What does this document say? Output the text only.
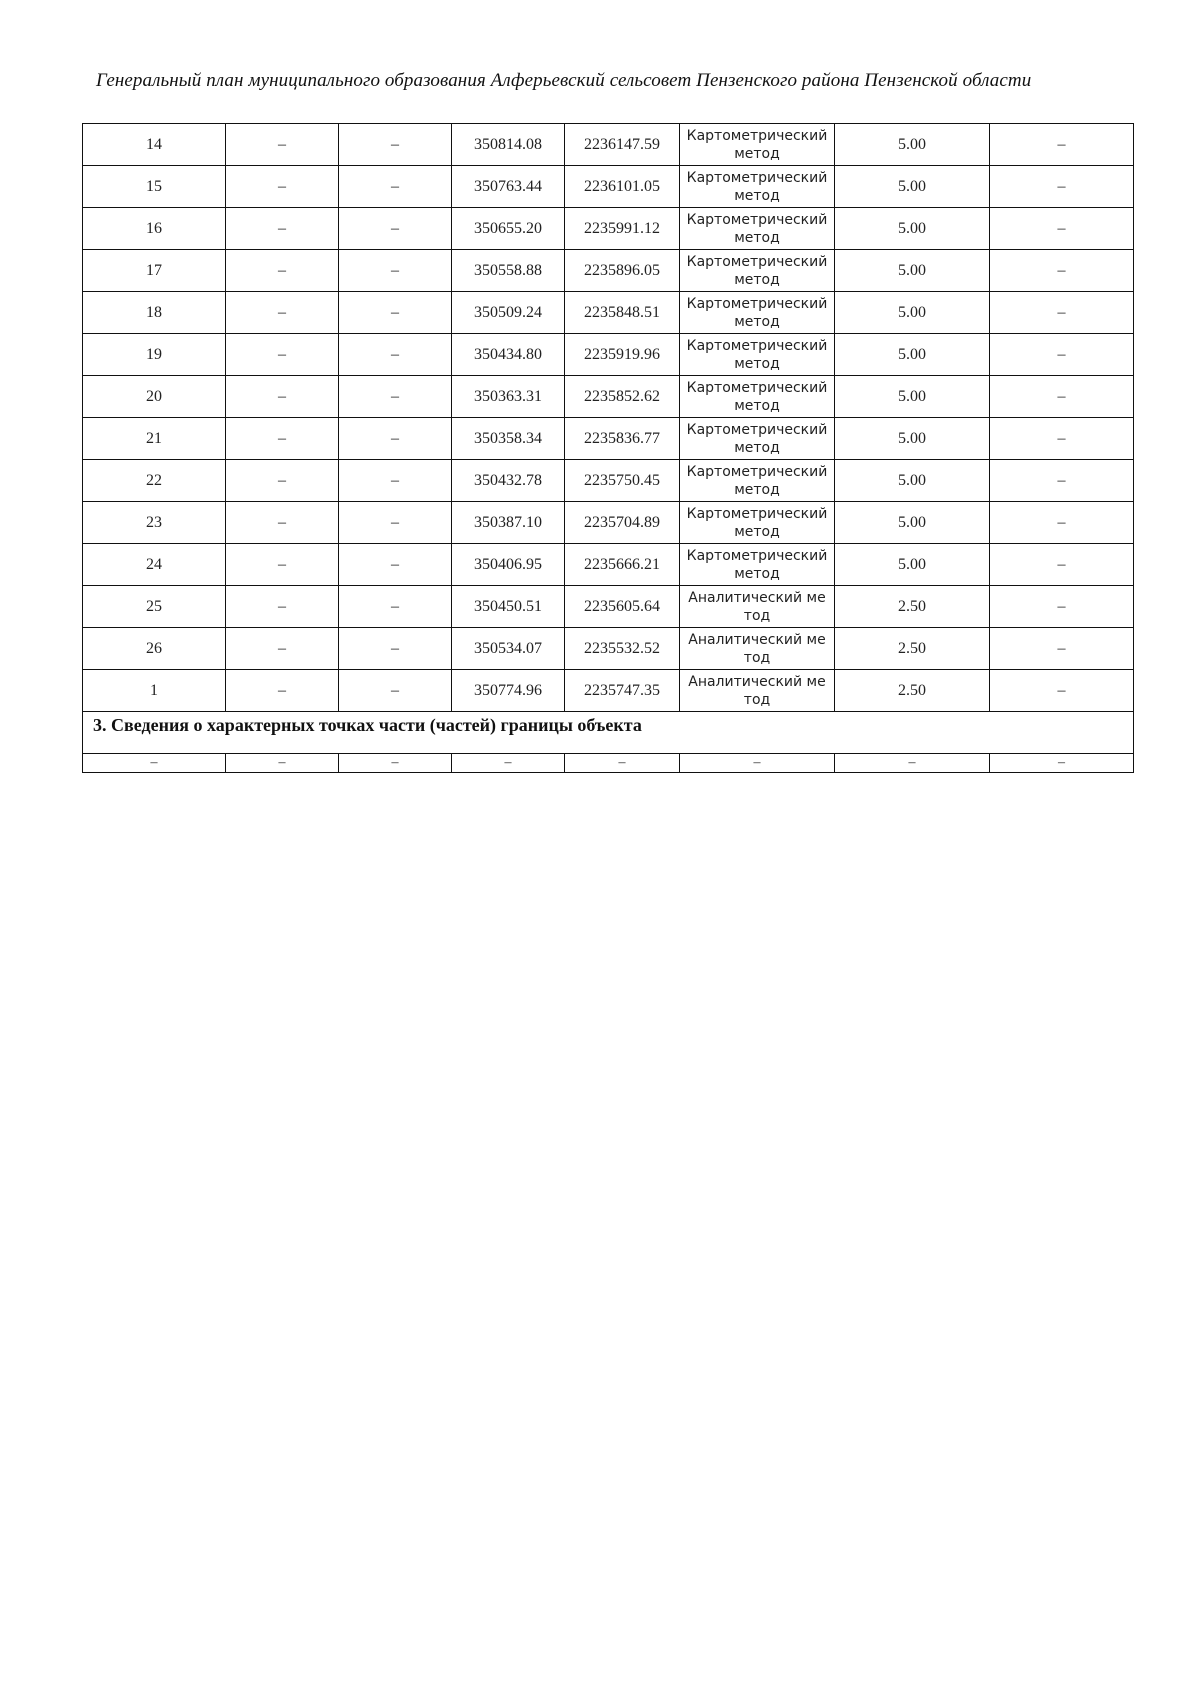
Генеральный план муниципального образования Алферьевский сельсовет Пензенского района Пензенской области
14	–	–	350814.08	2236147.59	Картометрический метод	5.00	–
15	–	–	350763.44	2236101.05	Картометрический метод	5.00	–
16	–	–	350655.20	2235991.12	Картометрический метод	5.00	–
17	–	–	350558.88	2235896.05	Картометрический метод	5.00	–
18	–	–	350509.24	2235848.51	Картометрический метод	5.00	–
19	–	–	350434.80	2235919.96	Картометрический метод	5.00	–
20	–	–	350363.31	2235852.62	Картометрический метод	5.00	–
21	–	–	350358.34	2235836.77	Картометрический метод	5.00	–
22	–	–	350432.78	2235750.45	Картометрический метод	5.00	–
23	–	–	350387.10	2235704.89	Картометрический метод	5.00	–
24	–	–	350406.95	2235666.21	Картометрический метод	5.00	–
25	–	–	350450.51	2235605.64	Аналитический метод	2.50	–
26	–	–	350534.07	2235532.52	Аналитический метод	2.50	–
1	–	–	350774.96	2235747.35	Аналитический метод	2.50	–
3. Сведения о характерных точках части (частей) границы объекта							
–	–	–	–	–	–	–	–
